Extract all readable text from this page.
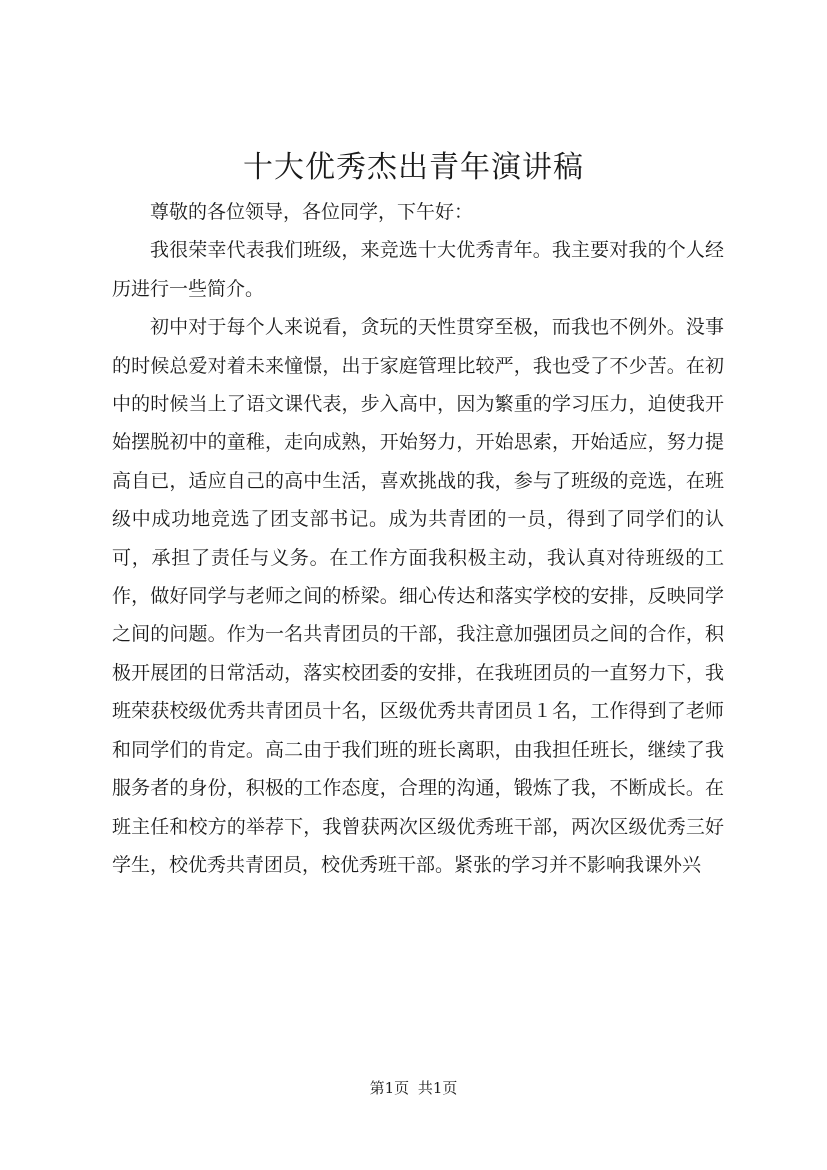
十大优秀杰出青年演讲稿

尊敬的各位领导，各位同学，下午好：

我很荣幸代表我们班级，来竞选十大优秀青年。我主要对我的个人经历进行一些简介。

初中对于每个人来说看，贪玩的天性贯穿至极，而我也不例外。没事的时候总爱对着未来憧憬，出于家庭管理比较严，我也受了不少苦。在初中的时候当上了语文课代表，步入高中，因为繁重的学习压力，迫使我开始摆脱初中的童稚，走向成熟，开始努力，开始思索，开始适应，努力提高自已，适应自己的高中生活，喜欢挑战的我，参与了班级的竞选，在班级中成功地竞选了团支部书记。成为共青团的一员，得到了同学们的认可，承担了责任与义务。在工作方面我积极主动，我认真对待班级的工作，做好同学与老师之间的桥梁。细心传达和落实学校的安排，反映同学之间的问题。作为一名共青团员的干部，我注意加强团员之间的合作，积极开展团的日常活动，落实校团委的安排，在我班团员的一直努力下，我班荣获校级优秀共青团员十名，区级优秀共青团员１名，工作得到了老师和同学们的肯定。高二由于我们班的班长离职，由我担任班长，继续了我服务者的身份，积极的工作态度，合理的沟通，锻炼了我，不断成长。在班主任和校方的举荐下，我曾获两次区级优秀班干部，两次区级优秀三好学生，校优秀共青团员，校优秀班干部。紧张的学习并不影响我课外兴

第1页 共1页
